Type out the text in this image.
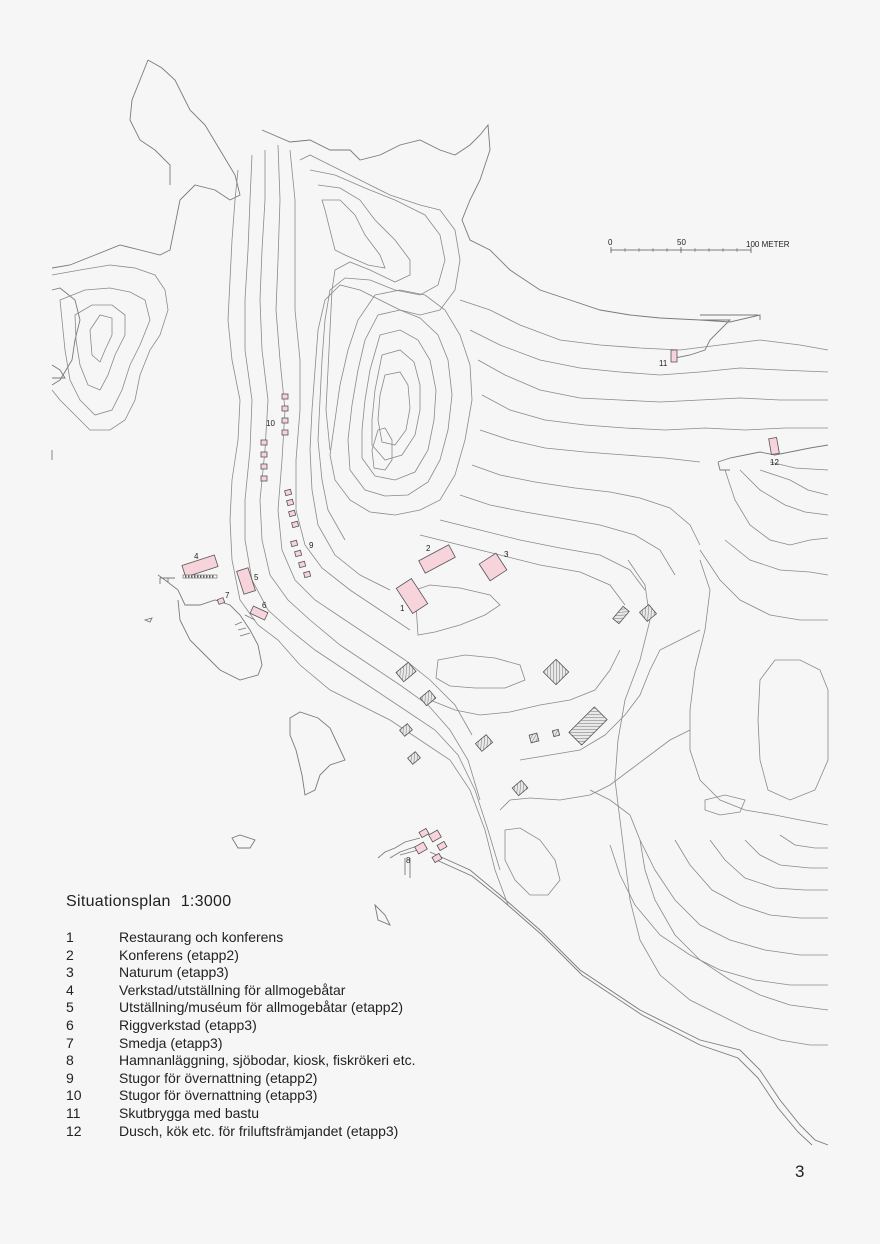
1
2
3
4
5
6
7
8
9
10
11
12
0	50	100 METER
Situationsplan 1:3000
1	Restaurang och konferens
2	Konferens (etapp2)
3	Naturum (etapp3)
4	Verkstad/utställning för allmogebåtar
5	Utställning/muséum för allmogebåtar (etapp2)
6	Riggverkstad (etapp3)
7	Smedja (etapp3)
8	Hamnanläggning, sjöbodar, kiosk, fiskrökeri etc.
9	Stugor för övernattning (etapp2)
10	Stugor för övernattning (etapp3)
11	Skutbrygga med bastu
12	Dusch, kök etc. för friluftsfrämjandet (etapp3)
3
